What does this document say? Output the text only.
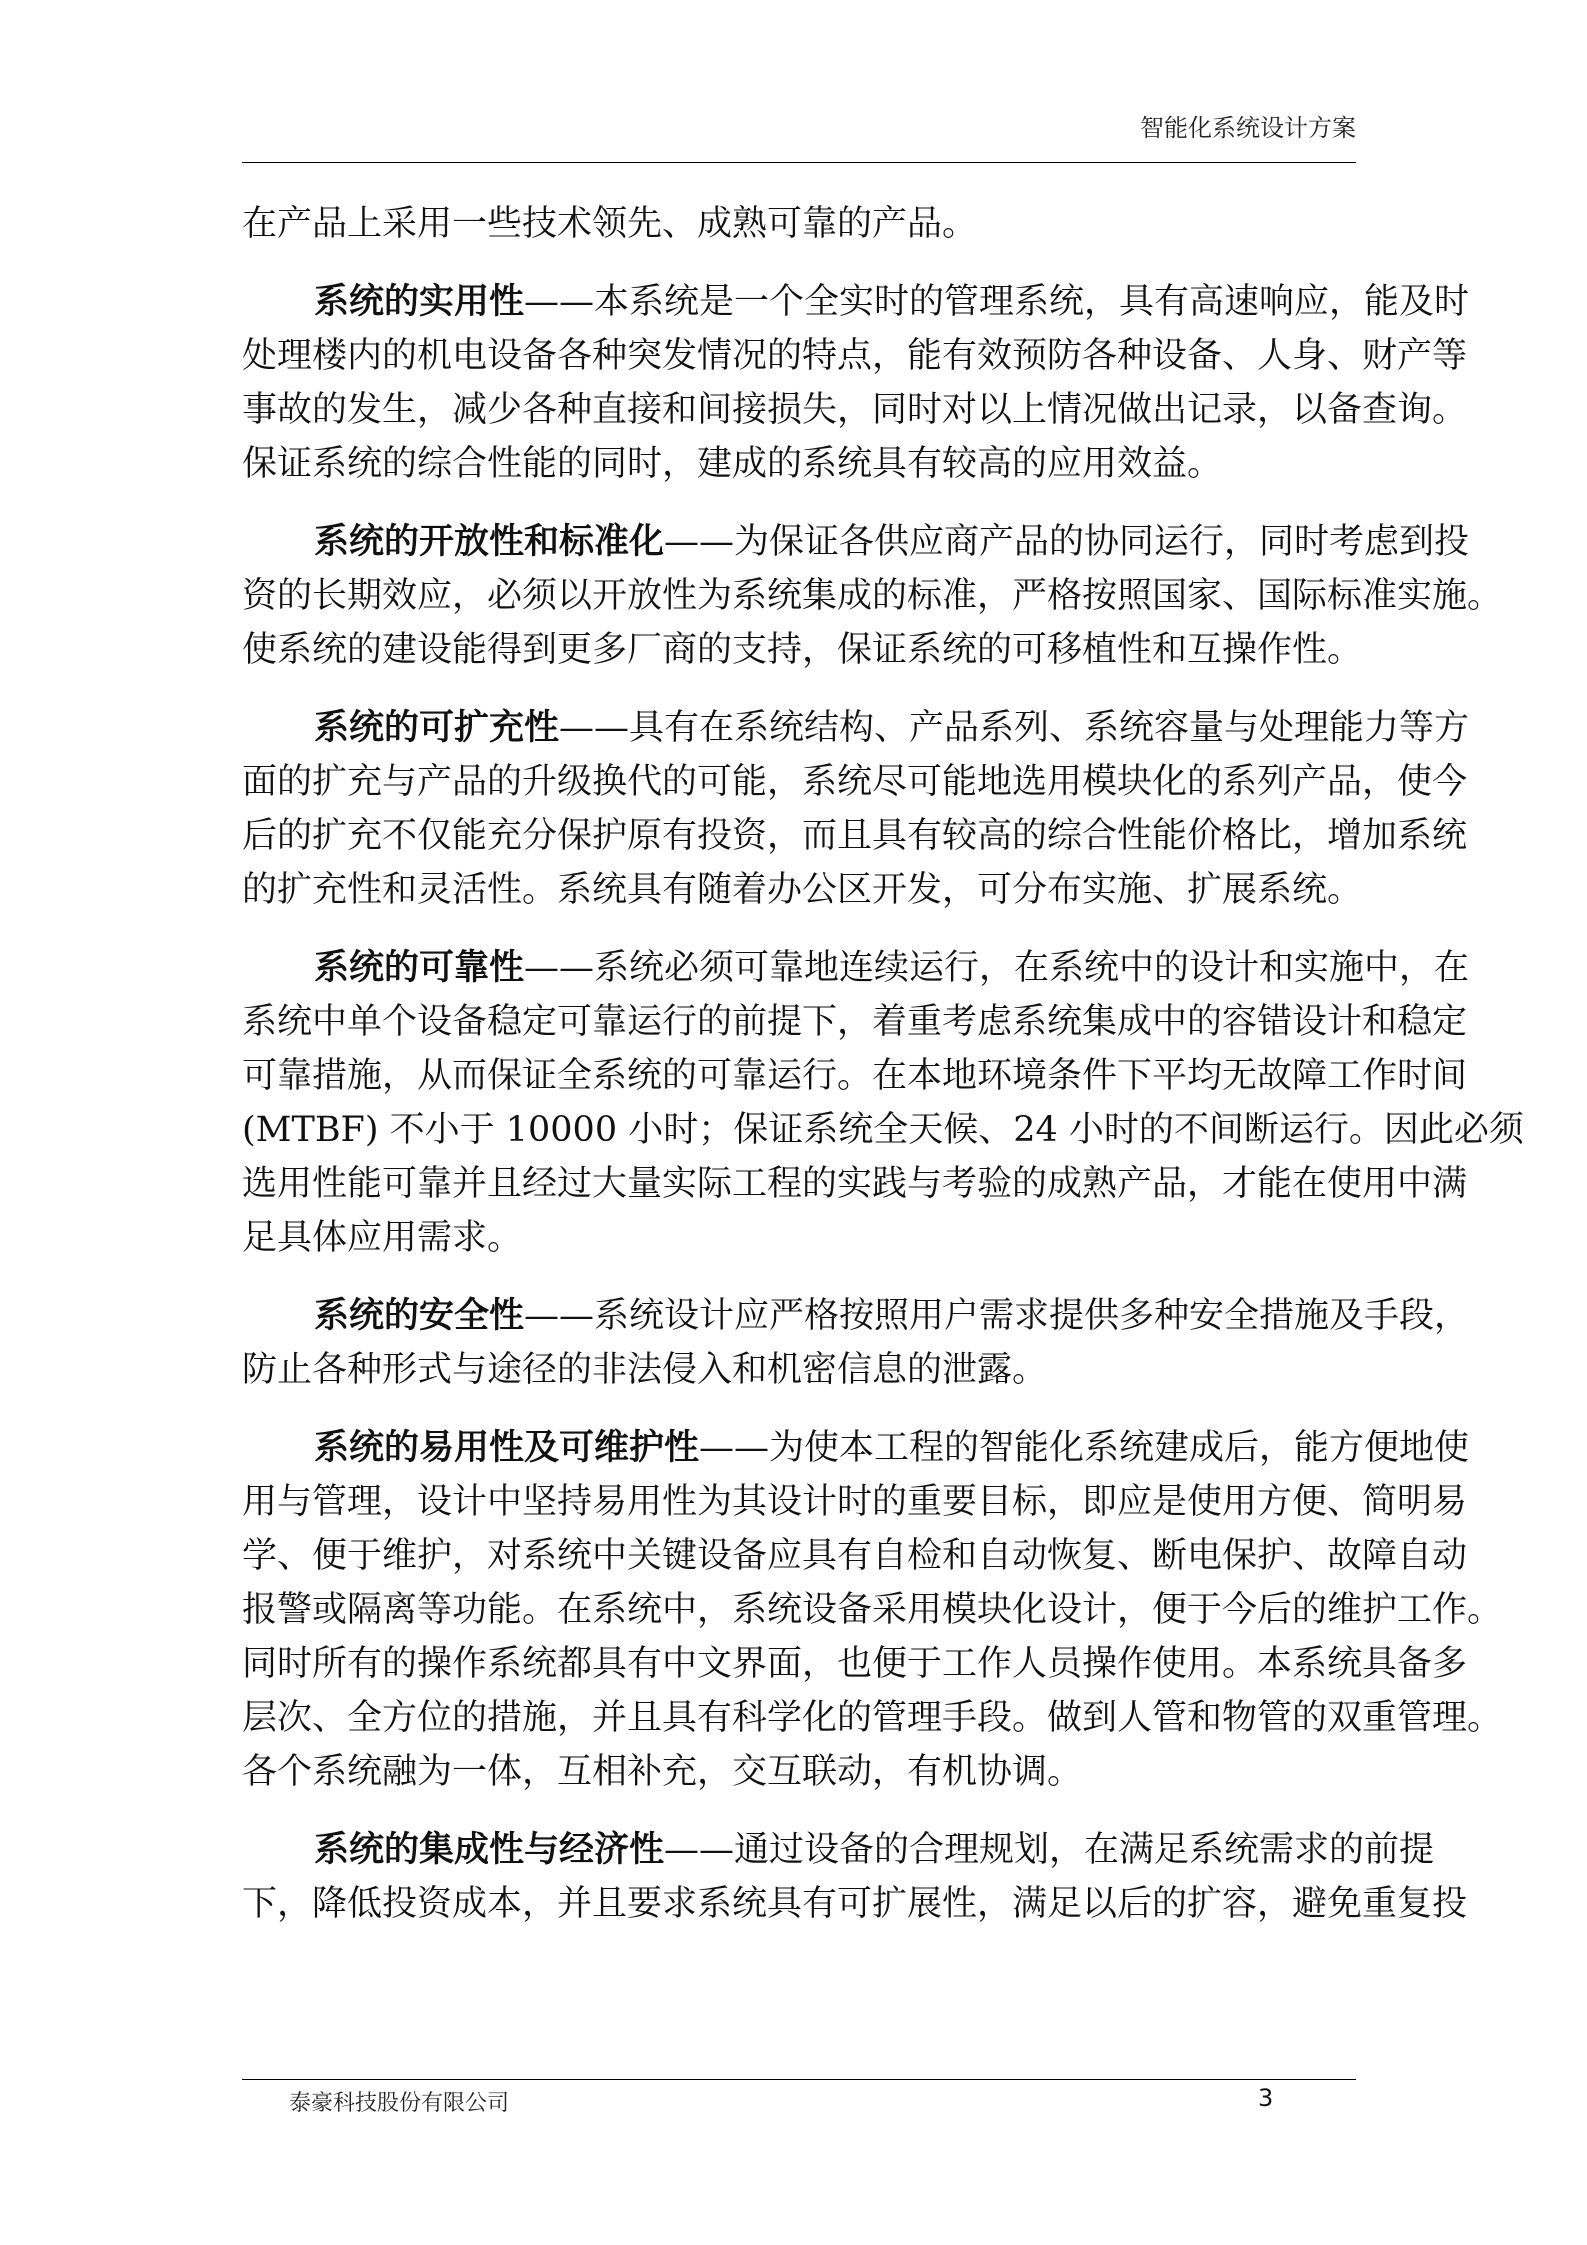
智能化系统设计方案
在产品上采用一些技术领先、成熟可靠的产品。
系统的实用性——本系统是一个全实时的管理系统，具有高速响应，能及时
处理楼内的机电设备各种突发情况的特点，能有效预防各种设备、人身、财产等
事故的发生，减少各种直接和间接损失，同时对以上情况做出记录，以备查询。
保证系统的综合性能的同时，建成的系统具有较高的应用效益。
系统的开放性和标准化——为保证各供应商产品的协同运行，同时考虑到投
资的长期效应，必须以开放性为系统集成的标准，严格按照国家、国际标准实施。
使系统的建设能得到更多厂商的支持，保证系统的可移植性和互操作性。
系统的可扩充性——具有在系统结构、产品系列、系统容量与处理能力等方
面的扩充与产品的升级换代的可能，系统尽可能地选用模块化的系列产品，使今
后的扩充不仅能充分保护原有投资，而且具有较高的综合性能价格比，增加系统
的扩充性和灵活性。系统具有随着办公区开发，可分布实施、扩展系统。
系统的可靠性——系统必须可靠地连续运行，在系统中的设计和实施中，在
系统中单个设备稳定可靠运行的前提下，着重考虑系统集成中的容错设计和稳定
可靠措施，从而保证全系统的可靠运行。在本地环境条件下平均无故障工作时间
(MTBF) 不小于 10000 小时；保证系统全天候、24 小时的不间断运行。因此必须
选用性能可靠并且经过大量实际工程的实践与考验的成熟产品，才能在使用中满
足具体应用需求。
系统的安全性——系统设计应严格按照用户需求提供多种安全措施及手段，
防止各种形式与途径的非法侵入和机密信息的泄露。
系统的易用性及可维护性——为使本工程的智能化系统建成后，能方便地使
用与管理，设计中坚持易用性为其设计时的重要目标，即应是使用方便、简明易
学、便于维护，对系统中关键设备应具有自检和自动恢复、断电保护、故障自动
报警或隔离等功能。在系统中，系统设备采用模块化设计，便于今后的维护工作。
同时所有的操作系统都具有中文界面，也便于工作人员操作使用。本系统具备多
层次、全方位的措施，并且具有科学化的管理手段。做到人管和物管的双重管理。
各个系统融为一体，互相补充，交互联动，有机协调。
系统的集成性与经济性——通过设备的合理规划，在满足系统需求的前提
下，降低投资成本，并且要求系统具有可扩展性，满足以后的扩容，避免重复投
泰豪科技股份有限公司	3
